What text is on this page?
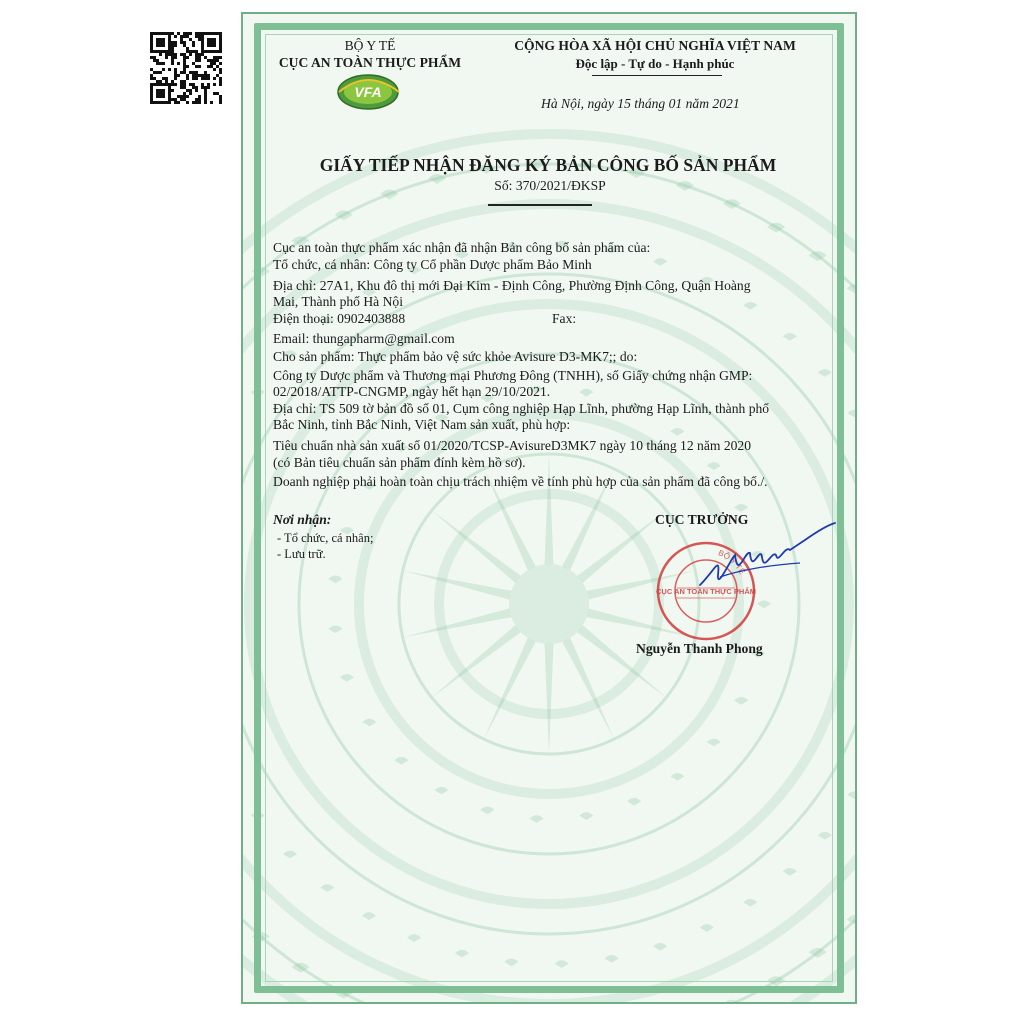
BỘ Y TẾ
CỤC AN TOÀN THỰC PHẨM
VFA
CỘNG HÒA XÃ HỘI CHỦ NGHĨA VIỆT NAM
Độc lập - Tự do - Hạnh phúc
Hà Nội, ngày 15 tháng 01 năm 2021
GIẤY TIẾP NHẬN ĐĂNG KÝ BẢN CÔNG BỐ SẢN PHẨM
Số: 370/2021/ĐKSP
Cục an toàn thực phẩm xác nhận đã nhận Bản công bố sản phẩm của:
Tổ chức, cá nhân: Công ty Cổ phần Dược phẩm Bảo Minh
Địa chỉ: 27A1, Khu đô thị mới Đại Kim - Định Công, Phường Định Công, Quận Hoàng
Mai, Thành phố Hà Nội
Điện thoại: 0902403888	Fax:
Email: thungapharm@gmail.com
Cho sản phẩm: Thực phẩm bảo vệ sức khỏe Avisure D3-MK7;; do:
Công ty Dược phẩm và Thương mại Phương Đông (TNHH), số Giấy chứng nhận GMP:
02/2018/ATTP-CNGMP, ngày hết hạn 29/10/2021.
Địa chỉ: TS 509 tờ bản đồ số 01, Cụm công nghiệp Hạp Lĩnh, phường Hạp Lĩnh, thành phố
Bắc Ninh, tỉnh Bắc Ninh, Việt Nam sản xuất, phù hợp:
Tiêu chuẩn nhà sản xuất số 01/2020/TCSP-AvisureD3MK7 ngày 10 tháng 12 năm 2020
(có Bản tiêu chuẩn sản phẩm đính kèm hồ sơ).
Doanh nghiệp phải hoàn toàn chịu trách nhiệm về tính phù hợp của sản phẩm đã công bố./.
Nơi nhận:
- Tổ chức, cá nhân;
- Lưu trữ.
CỤC TRƯỞNG
BỘ Y TẾ
CỤC AN TOÀN THỰC PHẨM
Nguyễn Thanh Phong
